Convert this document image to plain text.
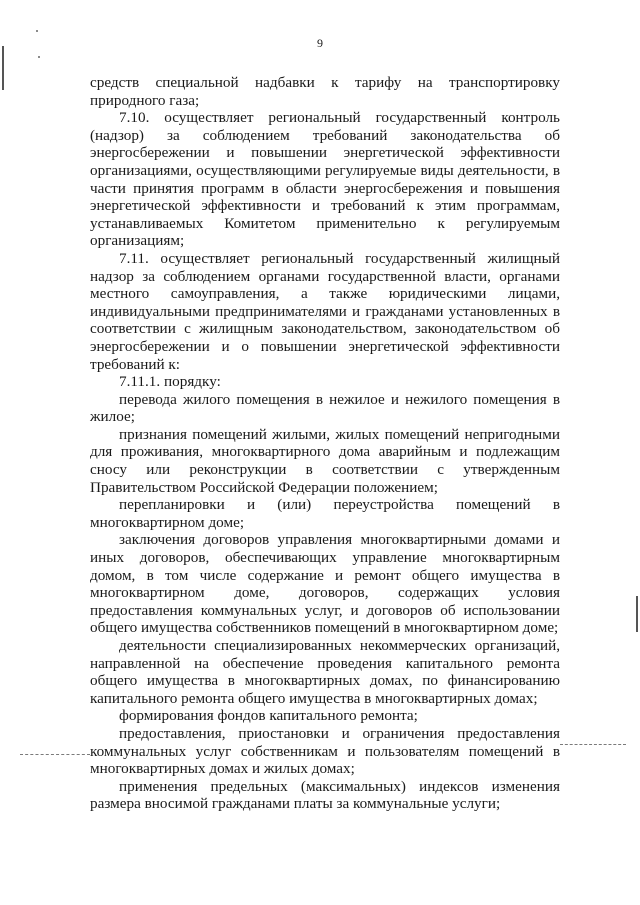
9

средств специальной надбавки к тарифу на транспортировку природного газа;

7.10. осуществляет региональный государственный контроль (надзор) за соблюдением требований законодательства об энергосбережении и повышении энергетической эффективности организациями, осуществляющими регулируемые виды деятельности, в части принятия программ в области энергосбережения и повышения энергетической эффективности и требований к этим программам, устанавливаемых Комитетом применительно к регулируемым организациям;

7.11. осуществляет региональный государственный жилищный надзор за соблюдением органами государственной власти, органами местного самоуправления, а также юридическими лицами, индивидуальными предпринимателями и гражданами установленных в соответствии с жилищным законодательством, законодательством об энергосбережении и о повышении энергетической эффективности требований к:

7.11.1. порядку:

перевода жилого помещения в нежилое и нежилого помещения в жилое;

признания помещений жилыми, жилых помещений непригодными для проживания, многоквартирного дома аварийным и подлежащим сносу или реконструкции в соответствии с утвержденным Правительством Российской Федерации положением;

перепланировки и (или) переустройства помещений в многоквартирном доме;

заключения договоров управления многоквартирными домами и иных договоров, обеспечивающих управление многоквартирным домом, в том числе содержание и ремонт общего имущества в многоквартирном доме, договоров, содержащих условия предоставления коммунальных услуг, и договоров об использовании общего имущества собственников помещений в многоквартирном доме;

деятельности специализированных некоммерческих организаций, направленной на обеспечение проведения капитального ремонта общего имущества в многоквартирных домах, по финансированию капитального ремонта общего имущества в многоквартирных домах;

формирования фондов капитального ремонта;

предоставления, приостановки и ограничения предоставления коммунальных услуг собственникам и пользователям помещений в многоквартирных домах и жилых домах;

применения предельных (максимальных) индексов изменения размера вносимой гражданами платы за коммунальные услуги;
